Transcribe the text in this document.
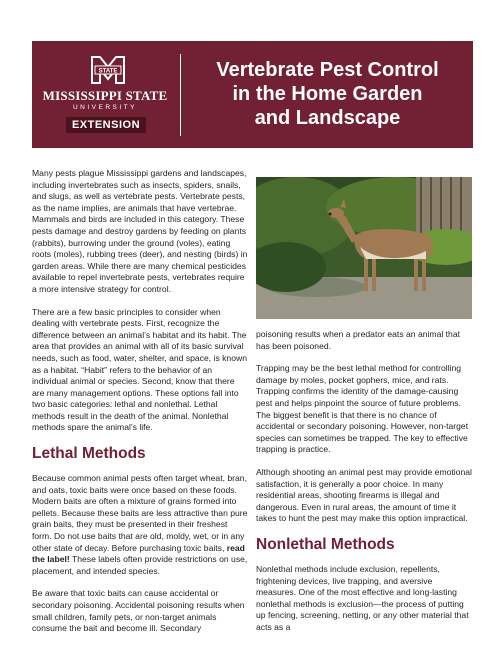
STATE
MISSISSIPPI STATE
UNIVERSITY
EXTENSION
Vertebrate Pest Control
in the Home Garden
and Landscape

Many pests plague Mississippi gardens and landscapes, including invertebrates such as insects, spiders, snails, and slugs, as well as vertebrate pests. Vertebrate pests, as the name implies, are animals that have vertebrae. Mammals and birds are included in this category. These pests damage and destroy gardens by feeding on plants (rabbits), burrowing under the ground (voles), eating roots (moles), rubbing trees (deer), and nesting (birds) in garden areas. While there are many chemical pesticides available to repel invertebrate pests, vertebrates require a more intensive strategy for control.

There are a few basic principles to consider when dealing with vertebrate pests. First, recognize the difference between an animal’s habitat and its habit. The area that provides an animal with all of its basic survival needs, such as food, water, shelter, and space, is known as a habitat. “Habit” refers to the behavior of an individual animal or species. Second, know that there are many management options. These options fall into two basic categories: lethal and nonlethal. Lethal methods result in the death of the animal. Nonlethal methods spare the animal’s life.

Lethal Methods

Because common animal pests often target wheat, bran, and oats, toxic baits were once based on these foods. Modern baits are often a mixture of grains formed into pellets. Because these baits are less attractive than pure grain baits, they must be presented in their freshest form. Do not use baits that are old, moldy, wet, or in any other state of decay. Before purchasing toxic baits, read the label! These labels often provide restrictions on use, placement, and intended species.

Be aware that toxic baits can cause accidental or secondary poisoning. Accidental poisoning results when small children, family pets, or non-target animals consume the bait and become ill. Secondary

poisoning results when a predator eats an animal that has been poisoned.

Trapping may be the best lethal method for controlling damage by moles, pocket gophers, mice, and rats. Trapping confirms the identity of the damage-causing pest and helps pinpoint the source of future problems. The biggest benefit is that there is no chance of accidental or secondary poisoning. However, non-target species can sometimes be trapped. The key to effective trapping is practice.

Although shooting an animal pest may provide emotional satisfaction, it is generally a poor choice. In many residential areas, shooting firearms is illegal and dangerous. Even in rural areas, the amount of time it takes to hunt the pest may make this option impractical.

Nonlethal Methods

Nonlethal methods include exclusion, repellents, frightening devices, live trapping, and aversive measures. One of the most effective and long-lasting nonlethal methods is exclusion—the process of putting up fencing, screening, netting, or any other material that acts as a
